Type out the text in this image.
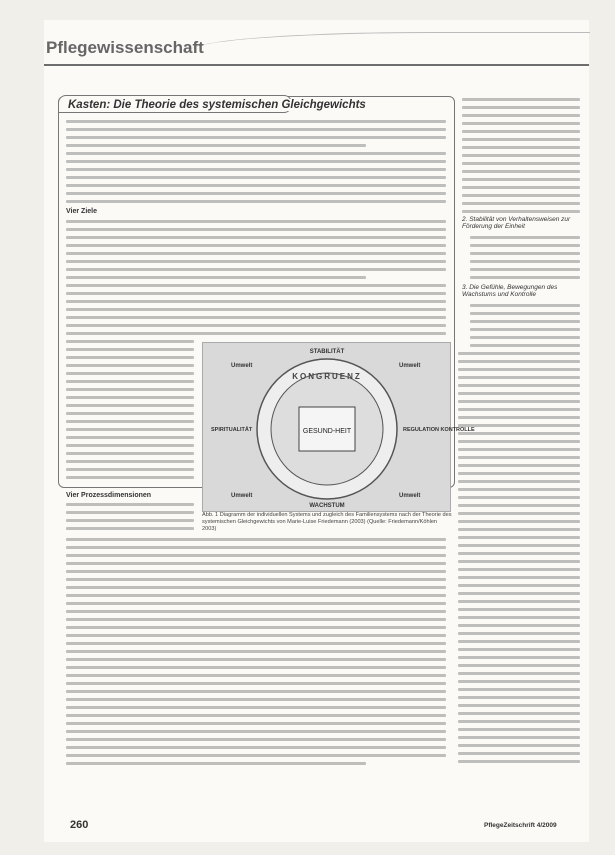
Pflegewissenschaft
2. Stabilität von Verhaltensweisen zur Förderung der Einheit
3. Die Gefühle, Bewegungen des Wachstums und Kontrolle
Kasten: Die Theorie des systemischen Gleichgewichts
Vier Ziele
Vier Prozessdimensionen
GESUND-HEIT
STABILITÄT
WACHSTUM
SPIRITUALITÄT	REGULATION KONTROLLE
Umwelt	Umwelt
Umwelt	Umwelt
KONGRUENZ
Abb. 1 Diagramm der individuellen Systems und zugleich des Familiensystems nach der Theorie des systemischen Gleichgewichts von Marie-Luise Friedemann (2003) (Quelle: Friedemann/Köhlen 2003)
260	PflegeZeitschrift 4/2009
